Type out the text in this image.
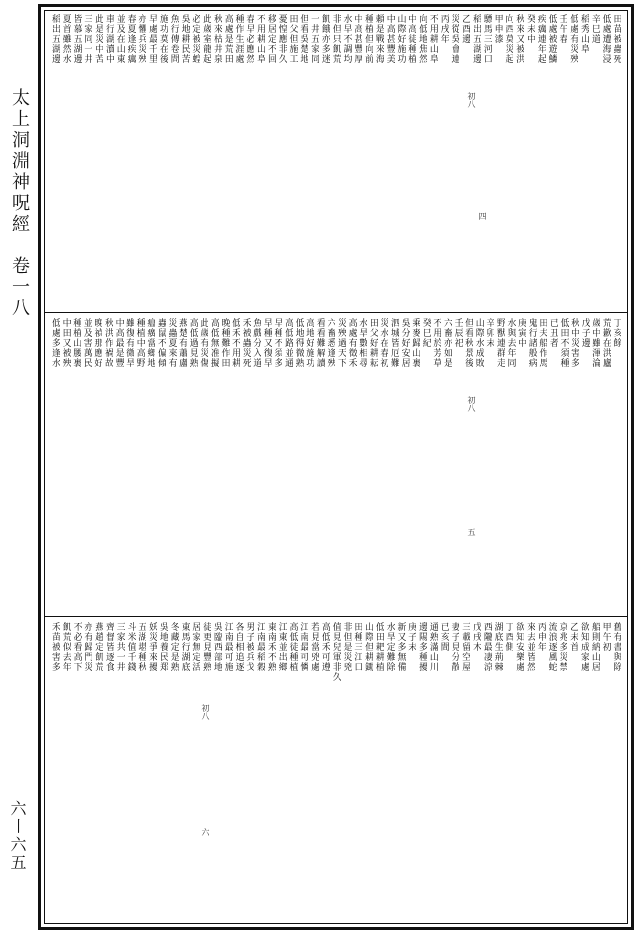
太上洞淵神呪經　卷一八
六〡六五
初八
四
初八
五
初八
六
田苗被蟲死
低處遭海浸
辛巳道
稻秀山阜
低處有災殃
壬午春
低處被遊鱗
疾癘連年起
癸未中
秋來又被洪
向西莫災起
甲申漆
驃馬三河口
稻出五湖邊
乙酉邊
災從吳會連
丙戌年
不用耕山阜
向低地焦然
中高徒種植
山際好施功
中高甚豐美
頼是戰來海
種植但向前
中高甚豐厚
水早不調均
非但只飢荒
飢餓亦多迷
一井五家同
但看吳楚地
田父但施工
憂惶應非久
移居定不回
不用耕山阜
春早必應然
種作生涯處
高處是荒田
秋來枯井泉
此歲室龍起
必定被災蝗
吳地耕民苦
魚行傳卷問
施功莫在後
早處最千里
亦懼兵災殃
春夏逢疾癘
並及在山東
車行湖瀆中
此是災中苦
三家同一井
皆慕五湖邊
夏首雖然水
稻出五湖邊
丁亥餘
荒歉在洪廬
歲中雖渾淪
戊子邊
秋中災害多
低田不須種
已丑者
田夫船作馬
鬼行諸般病
庚寅中
水與去年同
野獸連群走
辛卯末
山際水成敗
但看秋景後
壬辰祀
六畜亦如是
不用於芳草
癸巳紀
乘麥歸山裏
吳分好安居
泗城皆厄難
災水在春初
田父好耕耘
水旱數相尋
高處有徵禾
災殃過天下
六畜悉逢殃
看看難解讀
高地好施功
低地得微熟
高低路並通
早種不須多
早種又復早
魚戲分入道
禾被蟲災死
低禾不用耕
晚種難作田
高低無准擬
此歲有災傷
高低過見熟
燕楚有蕭盧
災蟲夏來有
蟲鼠不偏傾
瘟癀當鄉地
種植中高野
雖復有微旱
中高最是豐
秋洪作禍故
晚禎那應好
並及害萬民
種植山腰裏
中田又被殃
低處多逢水
舊有書與除
甲午初
船則納山居
欲知成家處
乙未首
京兆多災禁
流浪逐風蛇
丙申年
來去並皆然
欲知安樂處
丁酉側
湖底生荊棘
西隴最凄涼
戊戌木
三載留空屋
妻子見分散
已亥間
通熟滿山川
邊陽多種擾
庚子末
新又多無備
水旱定難除
低田耙耕植
山際但耕鋤
田種三江口
非但是災兇
值見兒軍非久
高低禾可遵
若見當兇處
江南最可憐
高低徒種植
江東並出鄉
東南禾不熟
江南最稻穀
男子被兵戈
各自相追逐
江南最可施
吳臨西部地
徒更見豐熟
居家無定活
東馬行湖底
冬藏定是熟
吳地養民郑
妖災爭來擾
五湖堪種秋
斗米值千錢
三家共一井
齊督皆逐食
燕趙定飢荒
亦有歸門災
不必看高下
飢荒似去年
禾苗被害多
